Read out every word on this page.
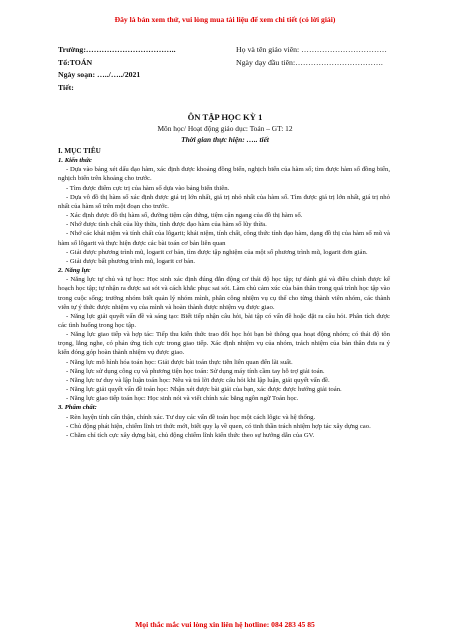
Đây là bản xem thử, vui lòng mua tài liệu để xem chi tiết (có lời giải)
Trường:……………………………..
Tổ:TOÁN
Ngày soạn: …../…../2021
Tiết:
Họ và tên giáo viên: ……………………………
Ngày dạy đầu tiên:…………………………….
ÔN TẬP HỌC KỲ 1
Môn học/ Hoạt động giáo dục: Toán – GT: 12
Thời gian thực hiện: ….. tiết

I. MỤC TIÊU

1. Kiến thức

- Dựa vào bảng xét dấu đạo hàm, xác định được khoảng đồng biến, nghịch biến của hàm số; tìm được hàm số đồng biến, nghịch biến trên khoảng cho trước.

- Tìm được điểm cực trị của hàm số dựa vào bảng biến thiên.

- Dựa vô đồ thị hàm số xác định được giá trị lớn nhất, giá trị nhỏ nhất của hàm số. Tìm được giá trị lớn nhất, giá trị nhỏ nhất của hàm số trên một đoạn cho trước.

- Xác định được đồ thị hàm số, đường tiệm cận đứng, tiệm cận ngang của đồ thị hàm số.

- Nhớ được tính chất của lũy thừa, tính được đạo hàm của hàm số lũy thừa.

- Nhớ các khái niệm và tính chất của lôgarit; khái niệm, tính chất, công thức tính đạo hàm, dạng đồ thị của hàm số mũ và hàm số lôgarit và thực hiện được các bài toán cơ bản liên quan

- Giải được phương trình mũ, logarit cơ bản, tìm được tập nghiệm của một số phương trình mũ, logarit đơn giản.

- Giải được bất phương trình mũ, logarit cơ bản.

2. Năng lực

- Năng lực tự chủ và tự học: Học sinh xác định đúng đắn động cơ thái độ học tập; tự đánh giá và điều chỉnh được kế hoạch học tập; tự nhận ra được sai sót và cách khắc phục sai sót. Làm chủ cảm xúc của bản thân trong quá trình học tập vào trong cuộc sống; trưởng nhóm biết quản lý nhóm mình, phân công nhiệm vụ cụ thể cho từng thành viên nhóm, các thành viên tự ý thức được nhiệm vụ của mình và hoàn thành được nhiệm vụ được giao.

- Năng lực giải quyết vấn đề và sáng tạo: Biết tiếp nhận câu hỏi, bài tập có vấn đề hoặc đặt ra câu hỏi. Phân tích được các tình huống trong học tập.

- Năng lực giao tiếp và hợp tác: Tiếp thu kiến thức trao đổi học hỏi bạn bè thông qua hoạt động nhóm; có thái độ tôn trọng, lắng nghe, có phản ứng tích cực trong giao tiếp. Xác định nhiệm vụ của nhóm, trách nhiệm của bản thân đưa ra ý kiến đóng góp hoàn thành nhiệm vụ được giao.

- Năng lực mô hình hóa toán học: Giải được bài toán thực tiễn liên quan đến lãi suất.

- Năng lực sử dụng công cụ và phương tiện học toán: Sử dụng máy tính cầm tay hỗ trợ giải toán.

- Năng lực tư duy và lập luận toán học: Nêu và trả lời được câu hỏi khi lập luận, giải quyết vấn đề.

- Năng lực giải quyết vấn đề toán học: Nhận xét được bài giải của bạn, xác được được hướng giải toán.

- Năng lực giao tiếp toán học: Học sinh nói và viết chính xác bằng ngôn ngữ Toán học.

3. Phẩm chất:

- Rèn luyện tính cẩn thận, chính xác. Tư duy các vấn đề toán học một cách lôgic và hệ thống.

- Chủ động phát hiện, chiếm lĩnh tri thức mới, biết quy lạ về quen, có tinh thần trách nhiệm hợp tác xây dựng cao.

- Chăm chỉ tích cực xây dựng bài, chủ động chiếm lĩnh kiến thức theo sự hướng dẫn của GV.

Mọi thắc mắc vui lòng xin liên hệ hotline: 084 283 45 85
